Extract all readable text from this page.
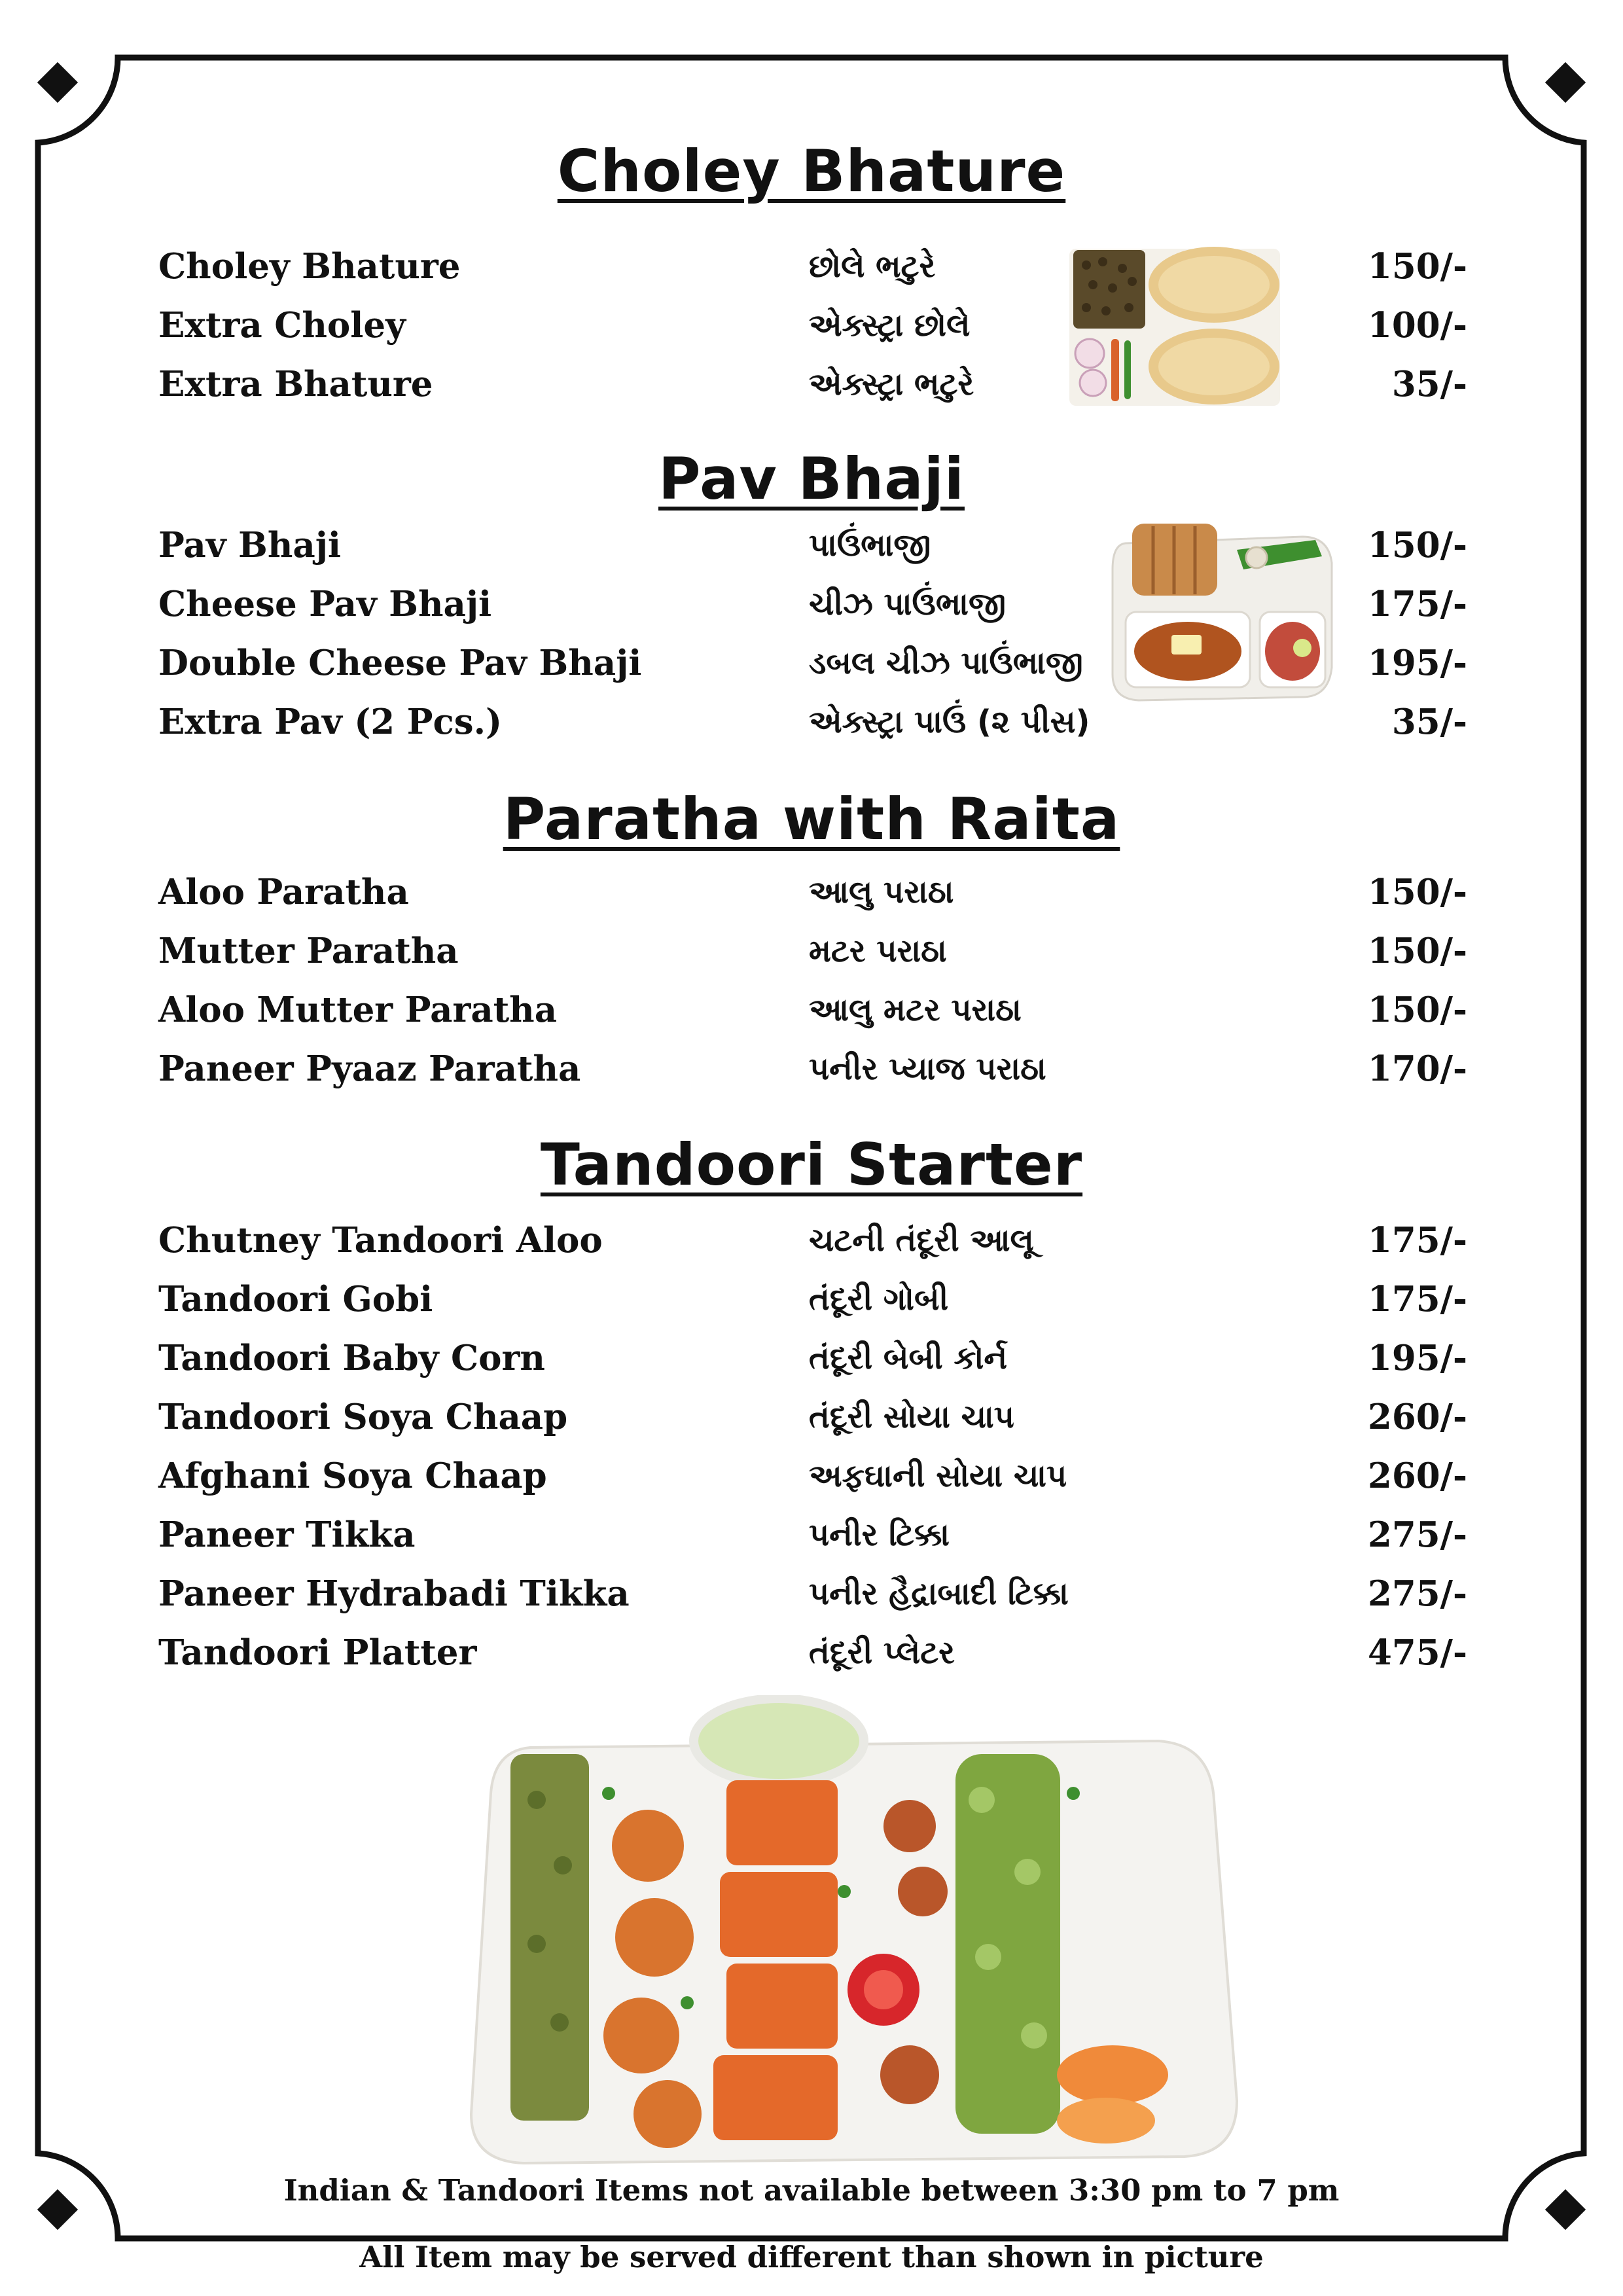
Choley Bhature
Choley Bhature	છોલે ભટુરે	150/-
Extra Choley	એક્સ્ટ્રા છોલે	100/-
Extra Bhature	એક્સ્ટ્રા ભટુરે	35/-
Pav Bhaji
Pav Bhaji	પાઉંભાજી	150/-
Cheese Pav Bhaji	ચીઝ પાઉંભાજી	175/-
Double Cheese Pav Bhaji	ડબલ ચીઝ પાઉંભાજી	195/-
Extra Pav (2 Pcs.)	એક્સ્ટ્રા પાઉં (૨ પીસ)	35/-
Paratha with Raita
Aloo Paratha	આલુ પરાઠા	150/-
Mutter Paratha	મટર પરાઠા	150/-
Aloo Mutter Paratha	આલુ મટર પરાઠા	150/-
Paneer Pyaaz Paratha	પનીર પ્યાજ પરાઠા	170/-
Tandoori Starter
Chutney Tandoori Aloo	ચટની તંદૂરી આલૂ	175/-
Tandoori Gobi	તંદૂરી ગોબી	175/-
Tandoori Baby Corn	તંદૂરી બેબી કોર્ન	195/-
Tandoori Soya Chaap	તંદૂરી સોયા ચાપ	260/-
Afghani Soya Chaap	અફઘાની સોયા ચાપ	260/-
Paneer Tikka	પનીર ટિક્કા	275/-
Paneer Hydrabadi Tikka	પનીર હૈદ્રાબાદી ટિક્કા	275/-
Tandoori Platter	તંદૂરી પ્લેટર	475/-
Indian & Tandoori Items not available between 3:30 pm to 7 pm
All Item may be served different than shown in picture
